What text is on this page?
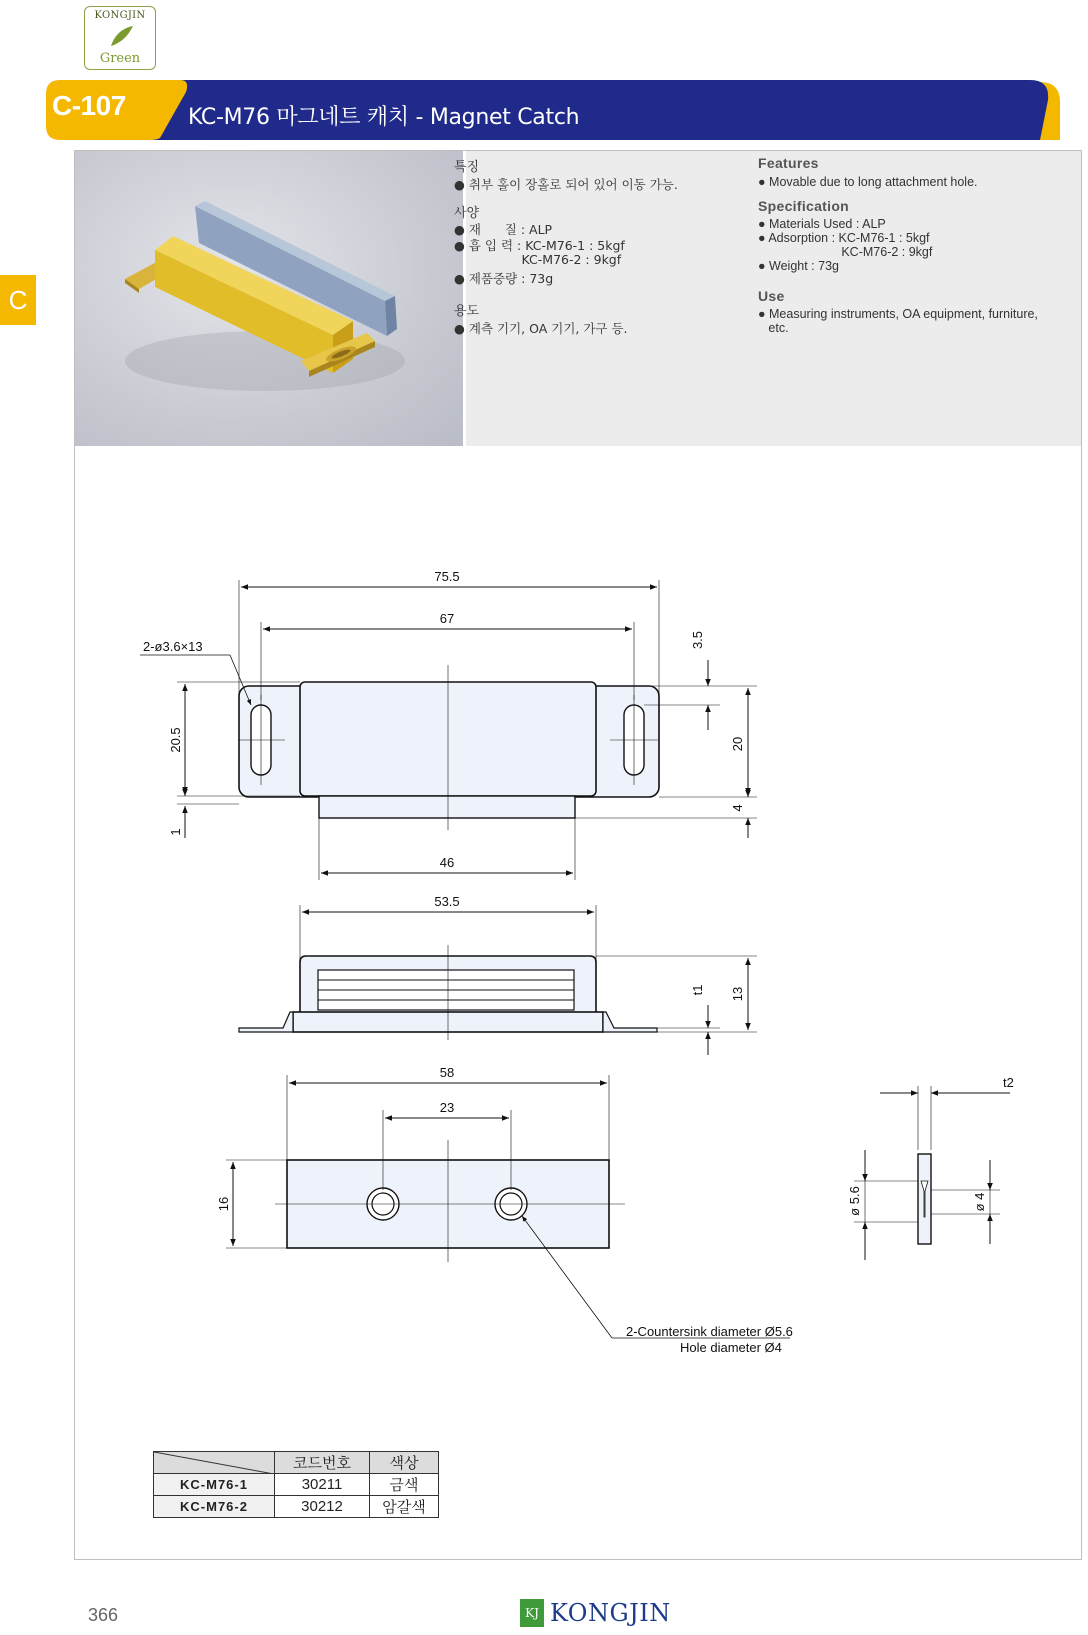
KONGJIN
Green
C-107	KC-M76 마그네트 캐치 - Magnet Catch
C
특징
● 취부 홀이 장홀로 되어 있어 이동 가능.
사양
● 재      질 : ALP
● 흡 입 력 : KC-M76-1 : 5kgf
KC-M76-2 : 9kgf
● 제품중량 : 73g
용도
● 계측 기기, OA 기기, 가구 등.
Features
● Movable due to long attachment hole.
Specification
● Materials Used : ALP
● Adsorption : KC-M76-1 : 5kgf
KC-M76-2 : 9kgf
● Weight : 73g
Use
● Measuring instruments, OA equipment, furniture,
etc.
75.5
67
46
2-ø3.6×13
20.5
1
3.5
20
4
53.5
t1 13
58
23
16
t2
ø 5.6	ø 4
2-Countersink diameter Ø5.6
Hole diameter Ø4
	코드번호	색상
KC-M76-1	30211	금색
KC-M76-2	30212	암갈색
366	KJ KONGJIN
